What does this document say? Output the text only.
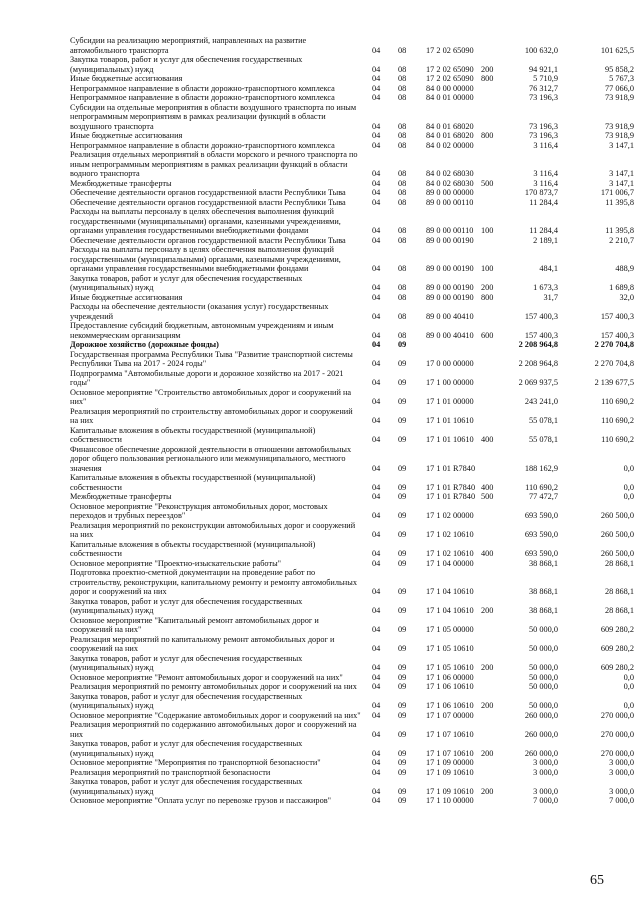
Субсидии на реализацию мероприятий, направленных на развитие автомобильного транспорта	04 08 17 2 02 65090	100 632,0	101 625,5
Закупка товаров, работ и услуг для обеспечения государственных (муниципальных) нужд	04 08 17 2 02 65090 200	94 921,1	95 858,2
Иные бюджетные ассигнования	04 08 17 2 02 65090 800	5 710,9	5 767,3
Непрограммное направление в области дорожно-транспортного комплекса	04 08 84 0 00 00000	76 312,7	77 066,0
Непрограммное направление в области дорожно-транспортного комплекса	04 08 84 0 01 00000	73 196,3	73 918,9
Субсидии на отдельные мероприятия в области воздушного транспорта по иным непрограммным мероприятиям в рамках реализации функций в области воздушного транспорта	04 08 84 0 01 68020	73 196,3	73 918,9
Иные бюджетные ассигнования	04 08 84 0 01 68020 800	73 196,3	73 918,9
Непрограммное направление в области дорожно-транспортного комплекса	04 08 84 0 02 00000	3 116,4	3 147,1
Реализация отдельных мероприятий в области морского и речного транспорта по иным непрограммным мероприятиям в рамках реализации функций в области водного транспорта	04 08 84 0 02 68030	3 116,4	3 147,1
Межбюджетные трансферты	04 08 84 0 02 68030 500	3 116,4	3 147,1
Обеспечение деятельности органов государственной власти Республики Тыва	04 08 89 0 00 00000	170 873,7	171 006,7
Обеспечение деятельности органов государственной власти Республики Тыва	04 08 89 0 00 00110	11 284,4	11 395,8
Расходы на выплаты персоналу в целях обеспечения выполнения функций государственными (муниципальными) органами, казенными учреждениями, органами управления государственными внебюджетными фондами	04 08 89 0 00 00110 100	11 284,4	11 395,8
Обеспечение деятельности органов государственной власти Республики Тыва	04 08 89 0 00 00190	2 189,1	2 210,7
Расходы на выплаты персоналу в целях обеспечения выполнения функций государственными (муниципальными) органами, казенными учреждениями, органами управления государственными внебюджетными фондами	04 08 89 0 00 00190 100	484,1	488,9
Закупка товаров, работ и услуг для обеспечения государственных (муниципальных) нужд	04 08 89 0 00 00190 200	1 673,3	1 689,8
Иные бюджетные ассигнования	04 08 89 0 00 00190 800	31,7	32,0
Расходы на обеспечение деятельности (оказания услуг) государственных учреждений	04 08 89 0 00 40410	157 400,3	157 400,3
Предоставление субсидий бюджетным, автономным учреждениям и иным некоммерческим организациям	04 08 89 0 00 40410 600	157 400,3	157 400,3
Дорожное хозяйство (дорожные фонды)	04 09	2 208 964,8	2 270 704,8
Государственная программа Республики Тыва "Развитие транспортной системы Республики Тыва на 2017 - 2024 годы"	04 09 17 0 00 00000	2 208 964,8	2 270 704,8
Подпрограмма "Автомобильные дороги и дорожное хозяйство на 2017 - 2021 годы"	04 09 17 1 00 00000	2 069 937,5	2 139 677,5
Основное мероприятие "Строительство автомобильных дорог и сооружений на них"	04 09 17 1 01 00000	243 241,0	110 690,2
Реализация мероприятий по строительству автомобильных дорог и сооружений на них	04 09 17 1 01 10610	55 078,1	110 690,2
Капитальные вложения в объекты государственной (муниципальной) собственности	04 09 17 1 01 10610 400	55 078,1	110 690,2
Финансовое обеспечение дорожной деятельности в отношении автомобильных дорог общего пользования регионального или межмуниципального, местного значения	04 09 17 1 01 R7840	188 162,9	0,0
Капитальные вложения в объекты государственной (муниципальной) собственности	04 09 17 1 01 R7840 400	110 690,2	0,0
Межбюджетные трансферты	04 09 17 1 01 R7840 500	77 472,7	0,0
Основное мероприятие "Реконструкция автомобильных дорог, мостовых переходов и трубных переездов"	04 09 17 1 02 00000	693 590,0	260 500,0
Реализация мероприятий по реконструкции автомобильных дорог и сооружений на них	04 09 17 1 02 10610	693 590,0	260 500,0
Капитальные вложения в объекты государственной (муниципальной) собственности	04 09 17 1 02 10610 400	693 590,0	260 500,0
Основное мероприятие "Проектно-изыскательские работы"	04 09 17 1 04 00000	38 868,1	28 868,1
Подготовка проектно-сметной документации на проведение работ по строительству, реконструкции, капитальному ремонту и ремонту автомобильных дорог и сооружений на них	04 09 17 1 04 10610	38 868,1	28 868,1
Закупка товаров, работ и услуг для обеспечения государственных (муниципальных) нужд	04 09 17 1 04 10610 200	38 868,1	28 868,1
Основное мероприятие "Капитальный ремонт автомобильных дорог и сооружений на них"	04 09 17 1 05 00000	50 000,0	609 280,2
Реализация мероприятий по капитальному ремонт автомобильных дорог и сооружений на них	04 09 17 1 05 10610	50 000,0	609 280,2
Закупка товаров, работ и услуг для обеспечения государственных (муниципальных) нужд	04 09 17 1 05 10610 200	50 000,0	609 280,2
Основное мероприятие "Ремонт автомобильных дорог и сооружений на них"	04 09 17 1 06 00000	50 000,0	0,0
Реализация мероприятий по ремонту автомобильных дорог и сооружений на них	04 09 17 1 06 10610	50 000,0	0,0
Закупка товаров, работ и услуг для обеспечения государственных (муниципальных) нужд	04 09 17 1 06 10610 200	50 000,0	0,0
Основное мероприятие "Содержание автомобильных дорог и сооружений на них" 04 09 17 1 07 00000	260 000,0	270 000,0
Реализация мероприятий по содержанию автомобильных дорог и сооружений на них	04 09 17 1 07 10610	260 000,0	270 000,0
Закупка товаров, работ и услуг для обеспечения государственных (муниципальных) нужд	04 09 17 1 07 10610 200	260 000,0	270 000,0
Основное мероприятие "Мероприятия по транспортной безопасности"	04 09 17 1 09 00000	3 000,0	3 000,0
Реализация мероприятий по транспортной безопасности	04 09 17 1 09 10610	3 000,0	3 000,0
Закупка товаров, работ и услуг для обеспечения государственных (муниципальных) нужд	04 09 17 1 09 10610 200	3 000,0	3 000,0
Основное мероприятие "Оплата услуг по перевозке грузов и пассажиров"	04 09 17 1 10 00000	7 000,0	7 000,0
65
